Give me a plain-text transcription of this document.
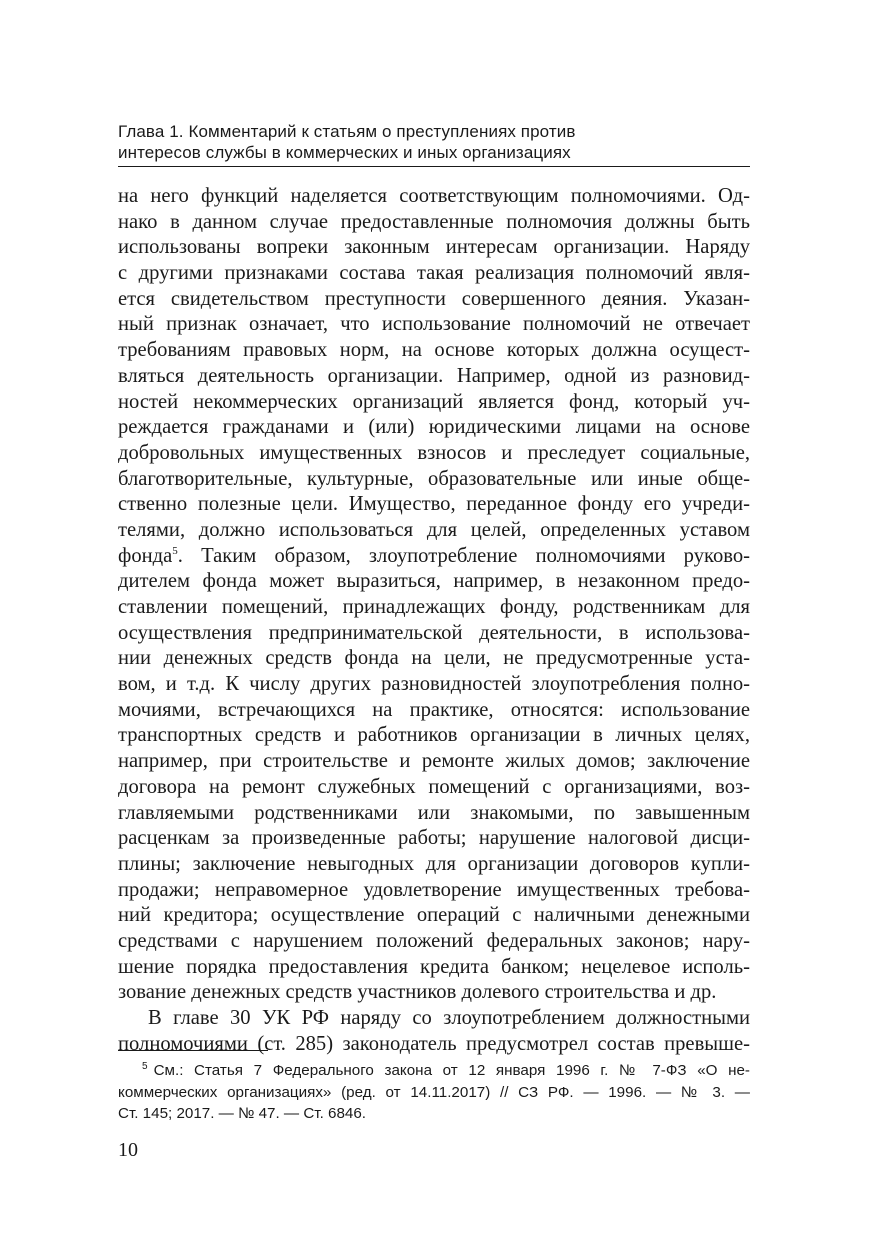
Глава 1. Комментарий к статьям о преступлениях против
интересов службы в коммерческих и иных организациях
на него функций наделяется соответствующим полномочиями. Од-
нако в данном случае предоставленные полномочия должны быть
использованы вопреки законным интересам организации. Наряду
с другими признаками состава такая реализация полномочий явля-
ется свидетельством преступности совершенного деяния. Указан-
ный признак означает, что использование полномочий не отвечает
требованиям правовых норм, на основе которых должна осущест-
вляться деятельность организации. Например, одной из разновид-
ностей некоммерческих организаций является фонд, который уч-
реждается гражданами и (или) юридическими лицами на основе
добровольных имущественных взносов и преследует социальные,
благотворительные, культурные, образовательные или иные обще-
ственно полезные цели. Имущество, переданное фонду его учреди-
телями, должно использоваться для целей, определенных уставом
фонда$^5$. Таким образом, злоупотребление полномочиями руково-
дителем фонда может выразиться, например, в незаконном предо-
ставлении помещений, принадлежащих фонду, родственникам для
осуществления предпринимательской деятельности, в использова-
нии денежных средств фонда на цели, не предусмотренные уста-
вом, и т.д. К числу других разновидностей злоупотребления полно-
мочиями, встречающихся на практике, относятся: использование
транспортных средств и работников организации в личных целях,
например, при строительстве и ремонте жилых домов; заключение
договора на ремонт служебных помещений с организациями, воз-
главляемыми родственниками или знакомыми, по завышенным
расценкам за произведенные работы; нарушение налоговой дисци-
плины; заключение невыгодных для организации договоров купли-
продажи; неправомерное удовлетворение имущественных требова-
ний кредитора; осуществление операций с наличными денежными
средствами с нарушением положений федеральных законов; нару-
шение порядка предоставления кредита банком; нецелевое исполь-
зование денежных средств участников долевого строительства и др.
В главе 30 УК РФ наряду со злоупотреблением должностными
полномочиями (ст. 285) законодатель предусмотрел состав превыше-
$^5$ См.: Статья 7 Федерального закона от 12 января 1996 г. № 7-ФЗ «О не-
коммерческих организациях» (ред. от 14.11.2017) // СЗ РФ. — 1996. — № 3. —
Ст. 145; 2017. — № 47. — Ст. 6846.
10
